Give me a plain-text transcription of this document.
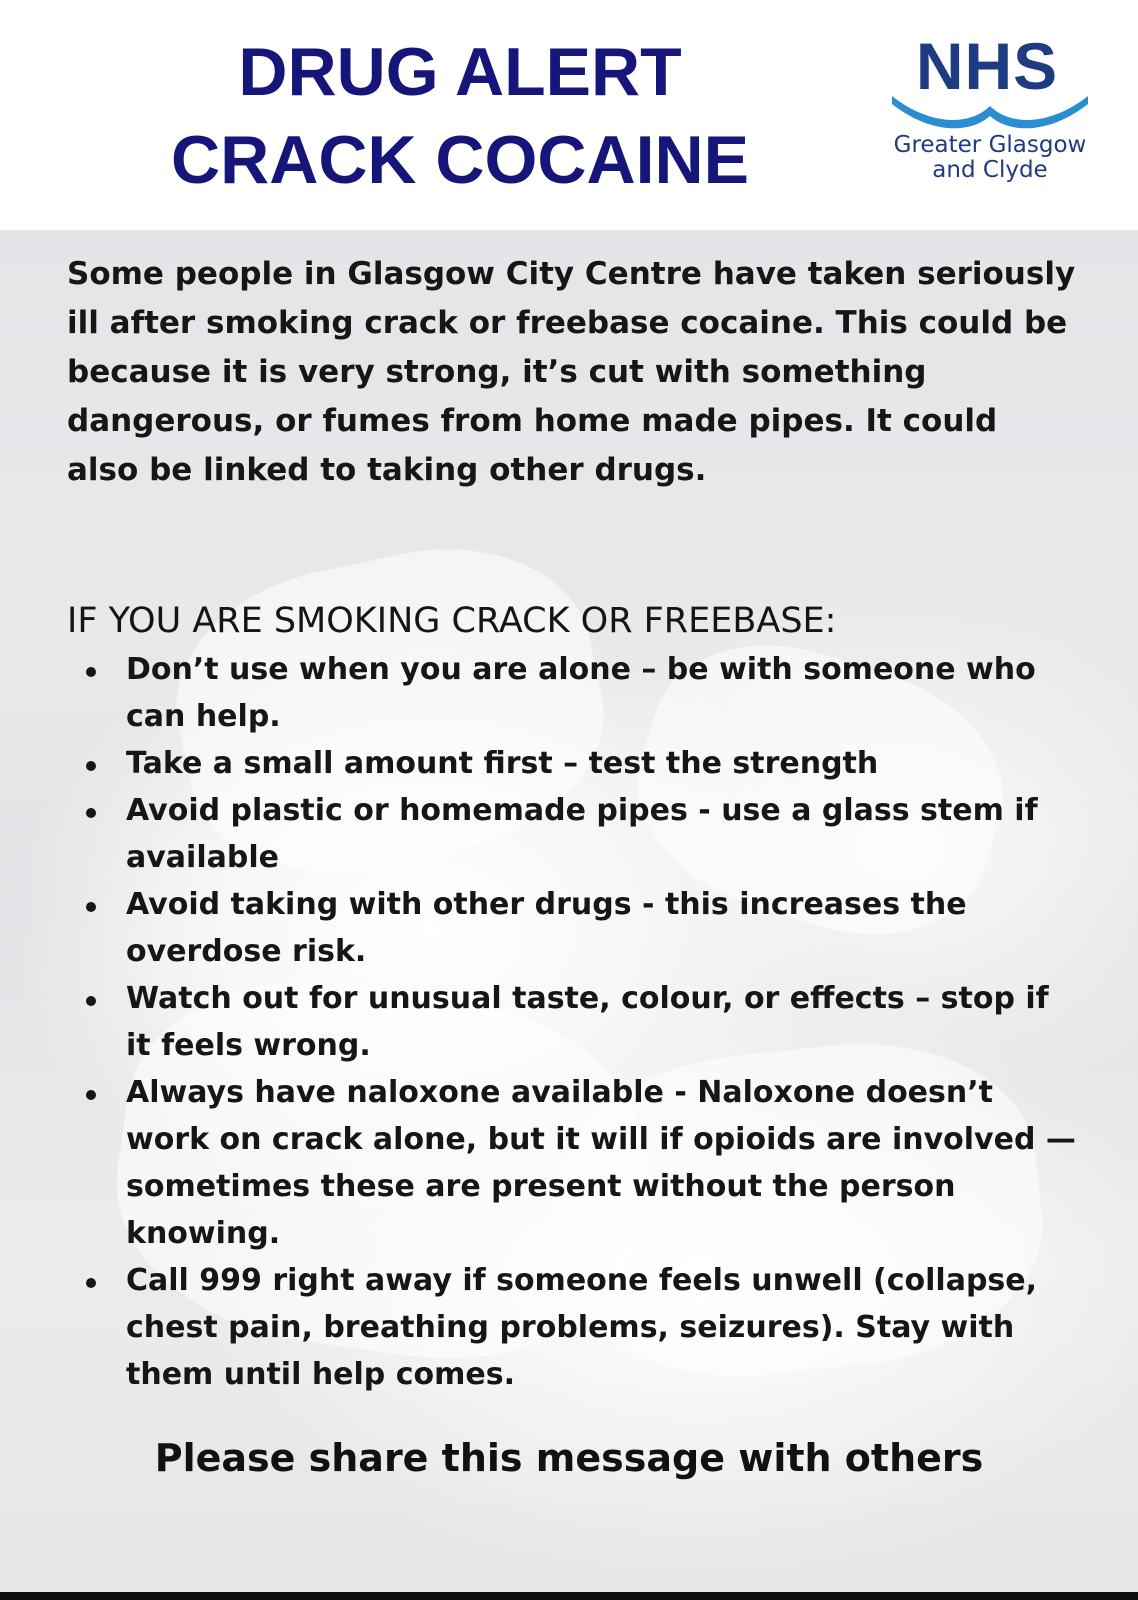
DRUG ALERT
CRACK COCAINE
NHS
Greater Glasgow
and Clyde

Some people in Glasgow City Centre have taken seriously ill after smoking crack or freebase cocaine. This could be because it is very strong, it’s cut with something dangerous, or fumes from home made pipes. It could also be linked to taking other drugs.

IF YOU ARE SMOKING CRACK OR FREEBASE:
Don’t use when you are alone – be with someone who can help.
Take a small amount first – test the strength
Avoid plastic or homemade pipes - use a glass stem if available
Avoid taking with other drugs - this increases the overdose risk.
Watch out for unusual taste, colour, or effects – stop if it feels wrong.
Always have naloxone available - Naloxone doesn’t work on crack alone, but it will if opioids are involved — sometimes these are present without the person knowing.
Call 999 right away if someone feels unwell (collapse, chest pain, breathing problems, seizures). Stay with them until help comes.

Please share this message with others
